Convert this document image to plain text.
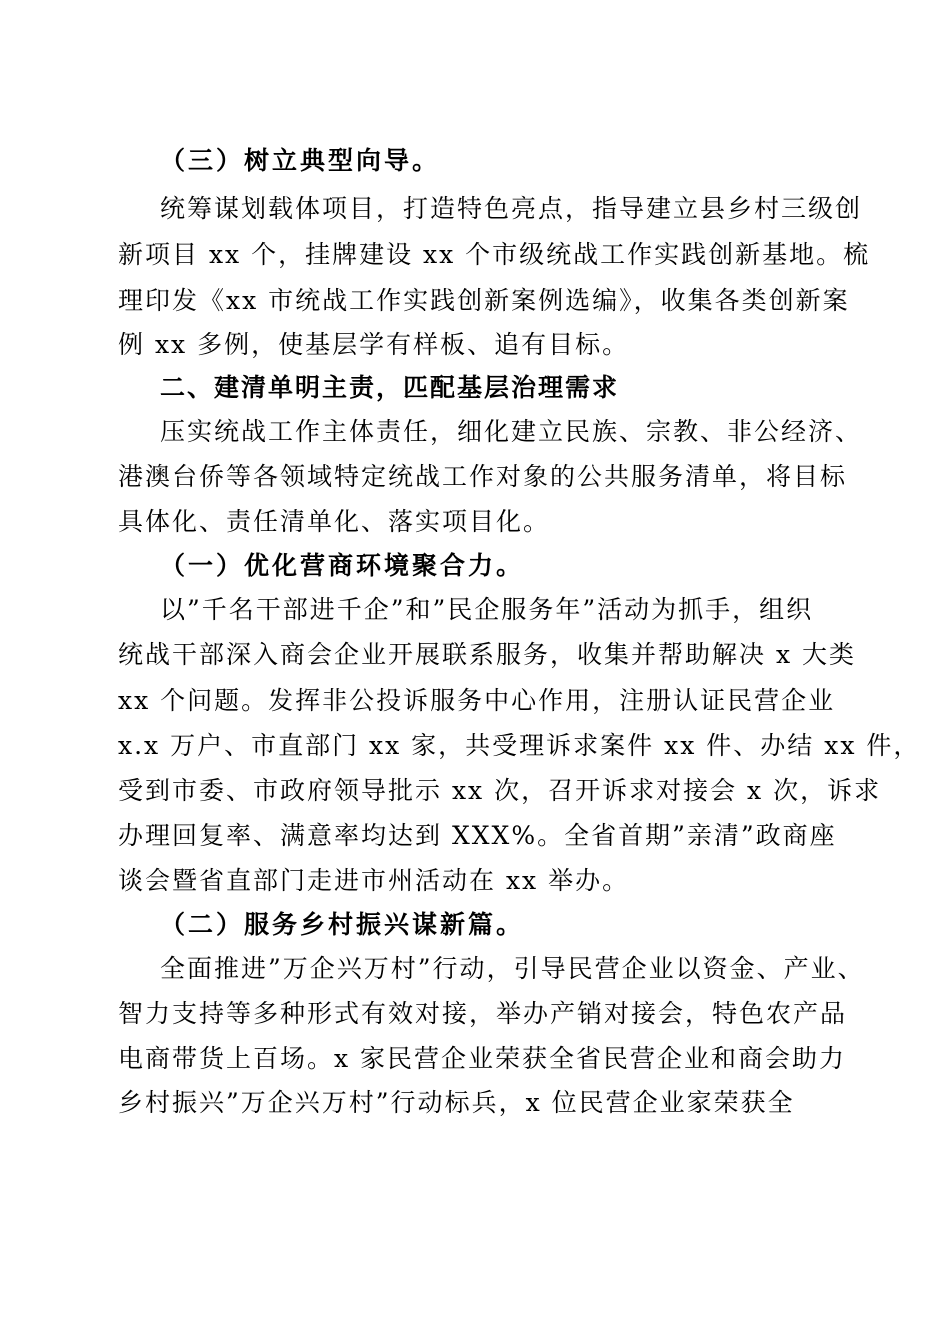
（三）树立典型向导。
统筹谋划载体项目，打造特色亮点，指导建立县乡村三级创
新项目 xx 个，挂牌建设 xx 个市级统战工作实践创新基地。梳
理印发《xx 市统战工作实践创新案例选编》，收集各类创新案
例 xx 多例，使基层学有样板、追有目标。
二、建清单明主责，匹配基层治理需求
压实统战工作主体责任，细化建立民族、宗教、非公经济、
港澳台侨等各领域特定统战工作对象的公共服务清单，将目标
具体化、责任清单化、落实项目化。
（一）优化营商环境聚合力。
以”千名干部进千企”和”民企服务年”活动为抓手，组织
统战干部深入商会企业开展联系服务，收集并帮助解决 x 大类
xx 个问题。发挥非公投诉服务中心作用，注册认证民营企业
x.x 万户、市直部门 xx 家，共受理诉求案件 xx 件、办结 xx 件，
受到市委、市政府领导批示 xx 次，召开诉求对接会 x 次，诉求
办理回复率、满意率均达到 XXX%。全省首期”亲清”政商座
谈会暨省直部门走进市州活动在 xx 举办。
（二）服务乡村振兴谋新篇。
全面推进”万企兴万村”行动，引导民营企业以资金、产业、
智力支持等多种形式有效对接，举办产销对接会，特色农产品
电商带货上百场。x 家民营企业荣获全省民营企业和商会助力
乡村振兴”万企兴万村”行动标兵，x 位民营企业家荣获全
